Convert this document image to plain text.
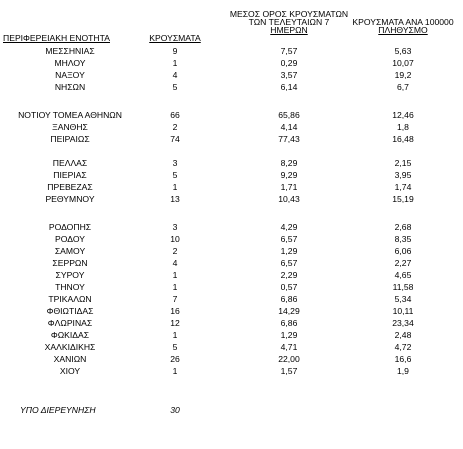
ΠΕΡΙΦΕΡΕΙΑΚΗ ΕΝΟΤΗΤΑ	ΚΡΟΥΣΜΑΤΑ
ΜΕΣΟΣ ΟΡΟΣ ΚΡΟΥΣΜΑΤΩΝ
ΤΩΝ ΤΕΛΕΥΤΑΙΩΝ 7
ΗΜΕΡΩΝ
ΚΡΟΥΣΜΑΤΑ ΑΝΑ 100000
ΠΛΗΘΥΣΜΟ
ΜΕΣΣΗΝΙΑΣ	9	7,57	5,63
ΜΗΛΟΥ	1	0,29	10,07
ΝΑΞΟΥ	4	3,57	19,2
ΝΗΣΩΝ	5	6,14	6,7
ΝΟΤΙΟΥ ΤΟΜΕΑ ΑΘΗΝΩΝ	66	65,86	12,46
ΞΑΝΘΗΣ	2	4,14	1,8
ΠΕΙΡΑΙΩΣ	74	77,43	16,48
ΠΕΛΛΑΣ	3	8,29	2,15
ΠΙΕΡΙΑΣ	5	9,29	3,95
ΠΡΕΒΕΖΑΣ	1	1,71	1,74
ΡΕΘΥΜΝΟΥ	13	10,43	15,19
ΡΟΔΟΠΗΣ	3	4,29	2,68
ΡΟΔΟΥ	10	6,57	8,35
ΣΑΜΟΥ	2	1,29	6,06
ΣΕΡΡΩΝ	4	6,57	2,27
ΣΥΡΟΥ	1	2,29	4,65
ΤΗΝΟΥ	1	0,57	11,58
ΤΡΙΚΑΛΩΝ	7	6,86	5,34
ΦΘΙΩΤΙΔΑΣ	16	14,29	10,11
ΦΛΩΡΙΝΑΣ	12	6,86	23,34
ΦΩΚΙΔΑΣ	1	1,29	2,48
ΧΑΛΚΙΔΙΚΗΣ	5	4,71	4,72
ΧΑΝΙΩΝ	26	22,00	16,6
ΧΙΟΥ	1	1,57	1,9
ΥΠΟ ΔΙΕΡΕΥΝΗΣΗ	30
